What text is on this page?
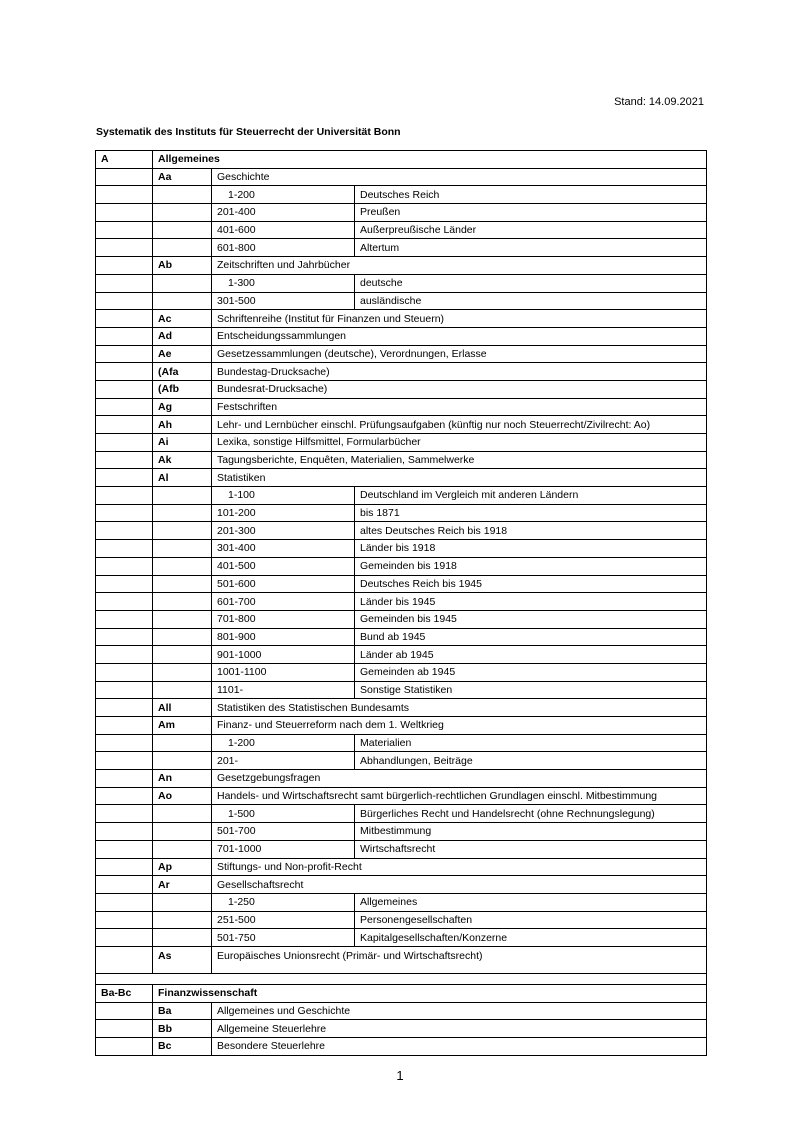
Stand: 14.09.2021
Systematik des Instituts für Steuerrecht der Universität Bonn
A	Allgemeines		
	Aa	Geschichte	
		1-200	Deutsches Reich
		201-400	Preußen
		401-600	Außerpreußische Länder
		601-800	Altertum
	Ab	Zeitschriften und Jahrbücher	
		1-300	deutsche
		301-500	ausländische
	Ac	Schriftenreihe (Institut für Finanzen und Steuern)	
	Ad	Entscheidungssammlungen	
	Ae	Gesetzessammlungen (deutsche), Verordnungen, Erlasse	
	(Afa	Bundestag-Drucksache)	
	(Afb	Bundesrat-Drucksache)	
	Ag	Festschriften	
	Ah	Lehr- und Lernbücher einschl. Prüfungsaufgaben (künftig nur noch Steuerrecht/Zivilrecht: Ao)	
	Ai	Lexika, sonstige Hilfsmittel, Formularbücher	
	Ak	Tagungsberichte, Enquêten, Materialien, Sammelwerke	
	Al	Statistiken	
		1-100	Deutschland im Vergleich mit anderen Ländern
		101-200	bis 1871
		201-300	altes Deutsches Reich bis 1918
		301-400	Länder bis 1918
		401-500	Gemeinden bis 1918
		501-600	Deutsches Reich bis 1945
		601-700	Länder bis 1945
		701-800	Gemeinden bis 1945
		801-900	Bund ab 1945
		901-1000	Länder ab 1945
		1001-1100	Gemeinden ab 1945
		1101-	Sonstige Statistiken
	All	Statistiken des Statistischen Bundesamts	
	Am	Finanz- und Steuerreform nach dem 1. Weltkrieg	
		1-200	Materialien
		201-	Abhandlungen, Beiträge
	An	Gesetzgebungsfragen	
	Ao	Handels- und Wirtschaftsrecht samt bürgerlich-rechtlichen Grundlagen einschl. Mitbestimmung	
		1-500	Bürgerliches Recht und Handelsrecht (ohne Rechnungslegung)
		501-700	Mitbestimmung
		701-1000	Wirtschaftsrecht
	Ap	Stiftungs- und Non-profit-Recht	
	Ar	Gesellschaftsrecht	
		1-250	Allgemeines
		251-500	Personengesellschaften
		501-750	Kapitalgesellschaften/Konzerne
	As	Europäisches Unionsrecht (Primär- und Wirtschaftsrecht)	

Ba-Bc	Finanzwissenschaft		
	Ba	Allgemeines und Geschichte	
	Bb	Allgemeine Steuerlehre	
	Bc	Besondere Steuerlehre	
1
